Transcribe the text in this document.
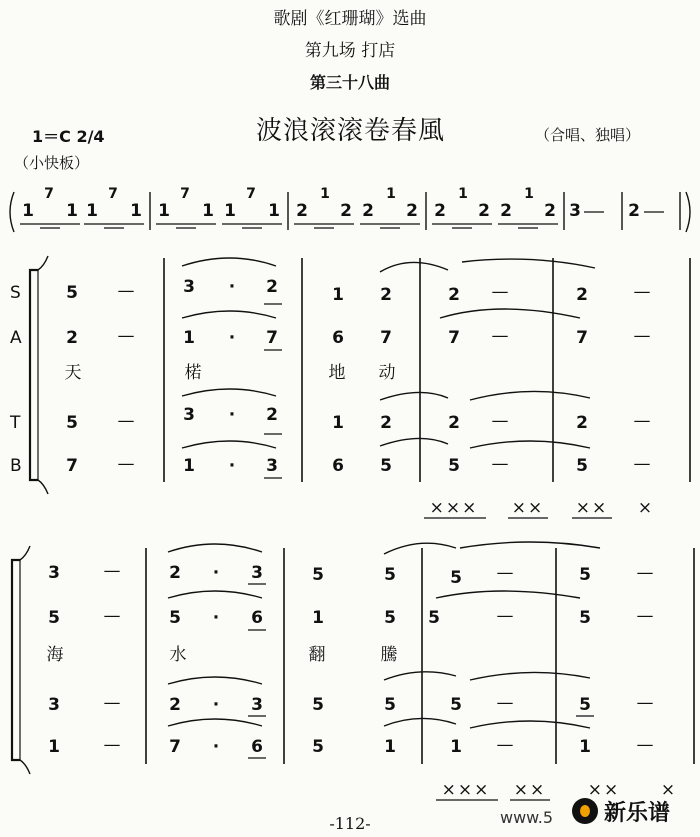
歌剧《红珊瑚》选曲
第九场 打店
第三十八曲
波浪滚滚卷春風
1＝C 2/4	（合唱、独唱）
（小快板）
1
7
1 1
7
1 1
7
1 1
7
1 2
1
2 2
1
2 2
1
2 2
1
2 3	2
S
A
T
B
5 —	3 · 2	1 2	2 —	2	—
2 —	1 · 7	6 7	7 —	7	—
天	楉	地 动
5 —	3 · 2	1 2	2 —	2	—
7 —	1 · 3	6 5	5 —	5	—
××× ×× ×× ×
3	—	2 · 3	5	5	5 —	5	—
5	—	5 · 6	1	5 5	—	5	—
海	水	翻	騰
3	—	2 · 3	5	5	5 —	5	—
1	—	7 · 6	5	1	1 —	1	—
××× ×× ×× ×
-112-	www.5 新乐谱
